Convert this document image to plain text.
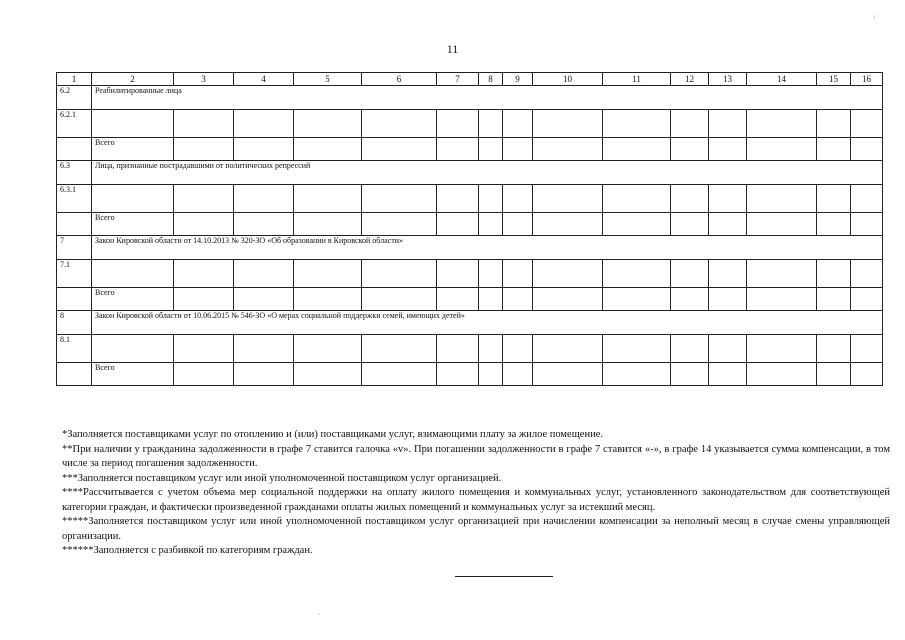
'
11
1	2	3	4	5	6	7	8	9	10	11	12	13	14	15	16
6.2	Реабилитированные лица														
6.2.1															
	Всего														
6.3	Лица, признанные пострадавшими от политических репрессий														
6.3.1															
	Всего														
7	Закон Кировской области от 14.10.2013 № 320-ЗО «Об образовании в Кировской области»														
7.1															
	Всего														
8	Закон Кировской области от 10.06.2015 № 546-ЗО «О мерах социальной поддержки семей, имеющих детей»														
8.1															
	Всего														

*Заполняется поставщиками услуг по отоплению и (или) поставщиками услуг, взимающими плату за жилое помещение.

**При наличии у гражданина задолженности в графе 7 ставится галочка «v». При погашении задолженности в графе 7 ставится «-», в графе 14 указывается сумма компенсации, в том числе за период погашения задолженности.

***Заполняется поставщиком услуг или иной уполномоченной поставщиком услуг организацией.

****Рассчитывается с учетом объема мер социальной поддержки на оплату жилого помещения и коммунальных услуг, установленного законодательством для соответствующей категории граждан, и фактически произведенной гражданами оплаты жилых помещений и коммунальных услуг за истекший месяц.

*****Заполняется поставщиком услуг или иной уполномоченной поставщиком услуг организацией при начислении компенсации за неполный месяц в случае смены управляющей организации.

******Заполняется с разбивкой по категориям граждан.

˘
